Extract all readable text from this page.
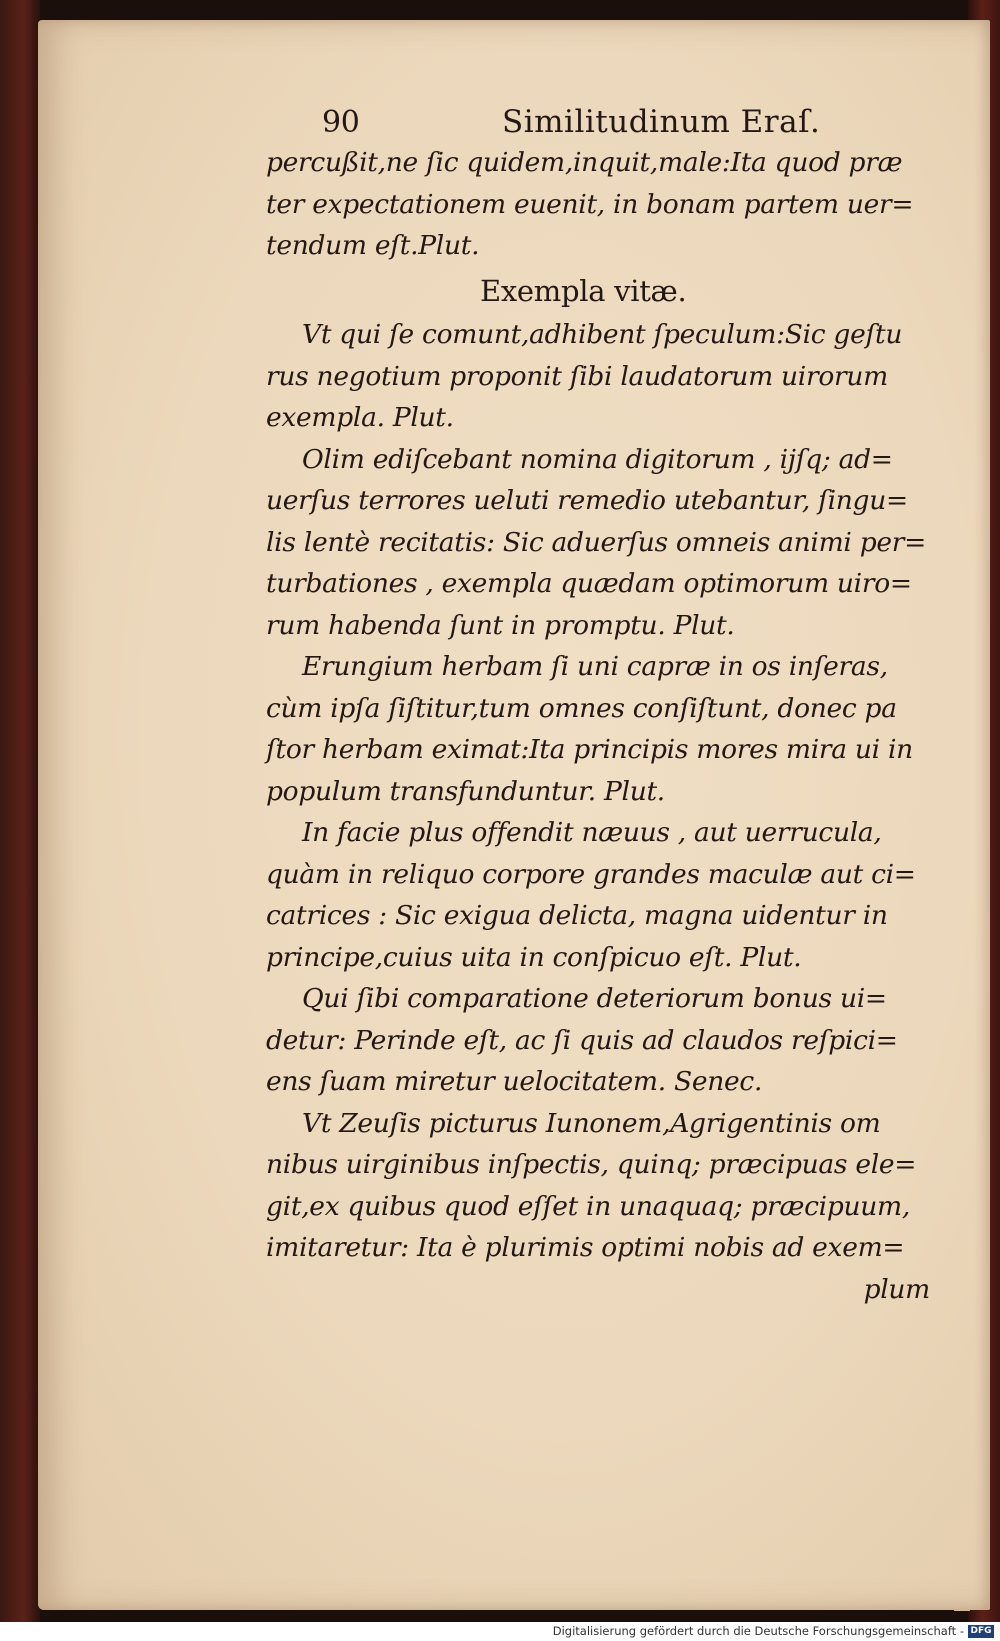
90	Similitudinum Eraſ.
percußit,ne ſic quidem,inquit,male:Ita quod præ
ter expectationem euenit, in bonam partem uer=
tendum eſt.Plut.
Exempla vitæ.
Vt qui ſe comunt,adhibent ſpeculum:Sic geſtu
rus negotium proponit ſibi laudatorum uirorum
exempla. Plut.
Olim ediſcebant nomina digitorum , ijſq; ad=
uerſus terrores ueluti remedio utebantur, ſingu=
lis lentè recitatis: Sic aduerſus omneis animi per=
turbationes , exempla quædam optimorum uiro=
rum habenda ſunt in promptu. Plut.
Erungium herbam ſi uni capræ in os inſeras,
cùm ipſa ſiſtitur,tum omnes conſiſtunt, donec pa
ſtor herbam eximat:Ita principis mores mira ui in
populum transfunduntur. Plut.
In facie plus offendit næuus , aut uerrucula,
quàm in reliquo corpore grandes maculæ aut ci=
catrices : Sic exigua delicta, magna uidentur in
principe,cuius uita in conſpicuo eſt. Plut.
Qui ſibi comparatione deteriorum bonus ui=
detur: Perinde eſt, ac ſi quis ad claudos reſpici=
ens ſuam miretur uelocitatem. Senec.
Vt Zeuſis picturus Iunonem,Agrigentinis om
nibus uirginibus inſpectis, quinq; præcipuas ele=
git,ex quibus quod eſſet in unaquaq; præcipuum,
imitaretur: Ita è plurimis optimi nobis ad exem=
plum
Digitalisierung gefördert durch die Deutsche Forschungsgemeinschaft - DFG
